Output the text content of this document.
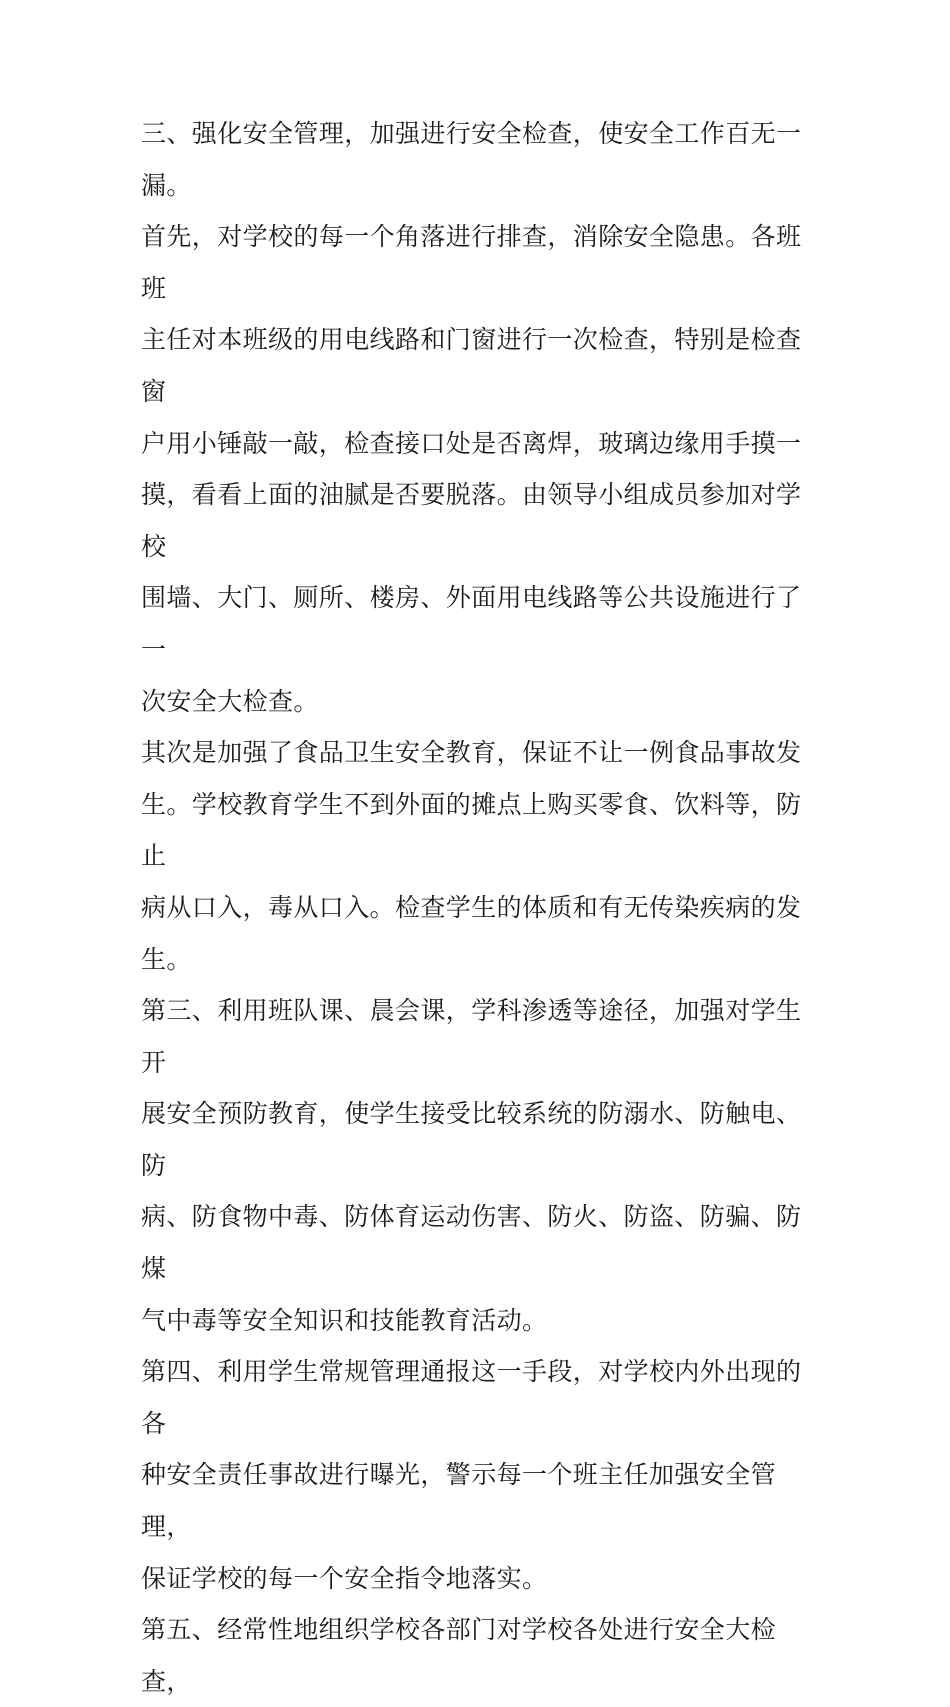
三、强化安全管理，加强进行安全检查，使安全工作百无一
漏。

首先，对学校的每一个角落进行排查，消除安全隐患。各班班
主任对本班级的用电线路和门窗进行一次检查，特别是检查窗
户用小锤敲一敲，检查接口处是否离焊，玻璃边缘用手摸一
摸，看看上面的油腻是否要脱落。由领导小组成员参加对学校
围墙、大门、厕所、楼房、外面用电线路等公共设施进行了一
次安全大检查。

其次是加强了食品卫生安全教育，保证不让一例食品事故发
生。学校教育学生不到外面的摊点上购买零食、饮料等，防止
病从口入，毒从口入。检查学生的体质和有无传染疾病的发
生。

第三、利用班队课、晨会课，学科渗透等途径，加强对学生开
展安全预防教育，使学生接受比较系统的防溺水、防触电、防
病、防食物中毒、防体育运动伤害、防火、防盗、防骗、防煤
气中毒等安全知识和技能教育活动。

第四、利用学生常规管理通报这一手段，对学校内外出现的各
种安全责任事故进行曝光，警示每一个班主任加强安全管理，
保证学校的每一个安全指令地落实。

第五、经常性地组织学校各部门对学校各处进行安全大检查，
